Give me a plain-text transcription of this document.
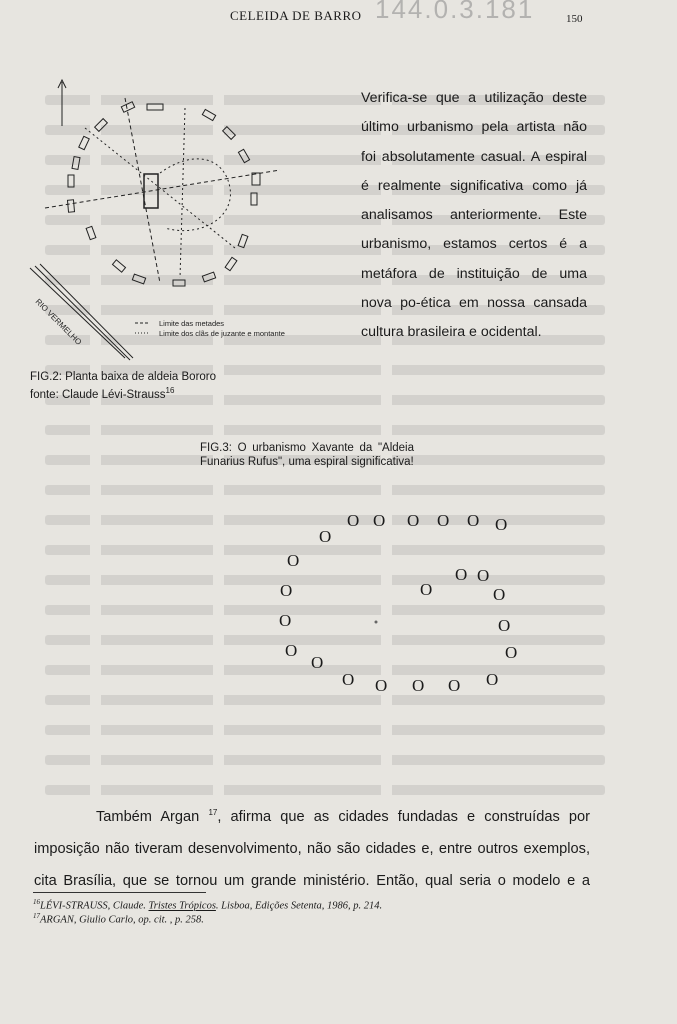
144.0.3.181
CELEIDA DE BARRO	150
RIO VERMELHO	Limite das metades
Limite dos clãs de juzante e montante
FIG.2: Planta baixa de aldeia Bororo
fonte: Claude Lévi-Strauss$^{16}$
Verifica-se que a utilização deste último urbanismo pela artista não foi absolutamente casual. A espiral é realmente significativa como já analisamos anteriormente. Este urbanismo, estamos certos é a metáfora de instituição de uma nova po-ética em nossa cansada cultura brasileira e ocidental.
FIG.3: O urbanismo Xavante da "Aldeia Funarius Rufus", uma espiral significativa!
O
O
O
O
O
O
O
O O O O O
O
O
O
O
O
O
O O O O O
Também Argan $^{17}$, afirma que as cidades fundadas e construídas por
imposição não tiveram desenvolvimento, não são cidades e, entre outros exemplos,
cita Brasília, que se tornou um grande ministério. Então, qual seria o modelo e a
$^{16}$LÉVI-STRAUSS, Claude. Tristes Trópicos. Lisboa, Edições Setenta, 1986, p. 214.
$^{17}$ARGAN, Giulio Carlo, op. cit. , p. 258.
